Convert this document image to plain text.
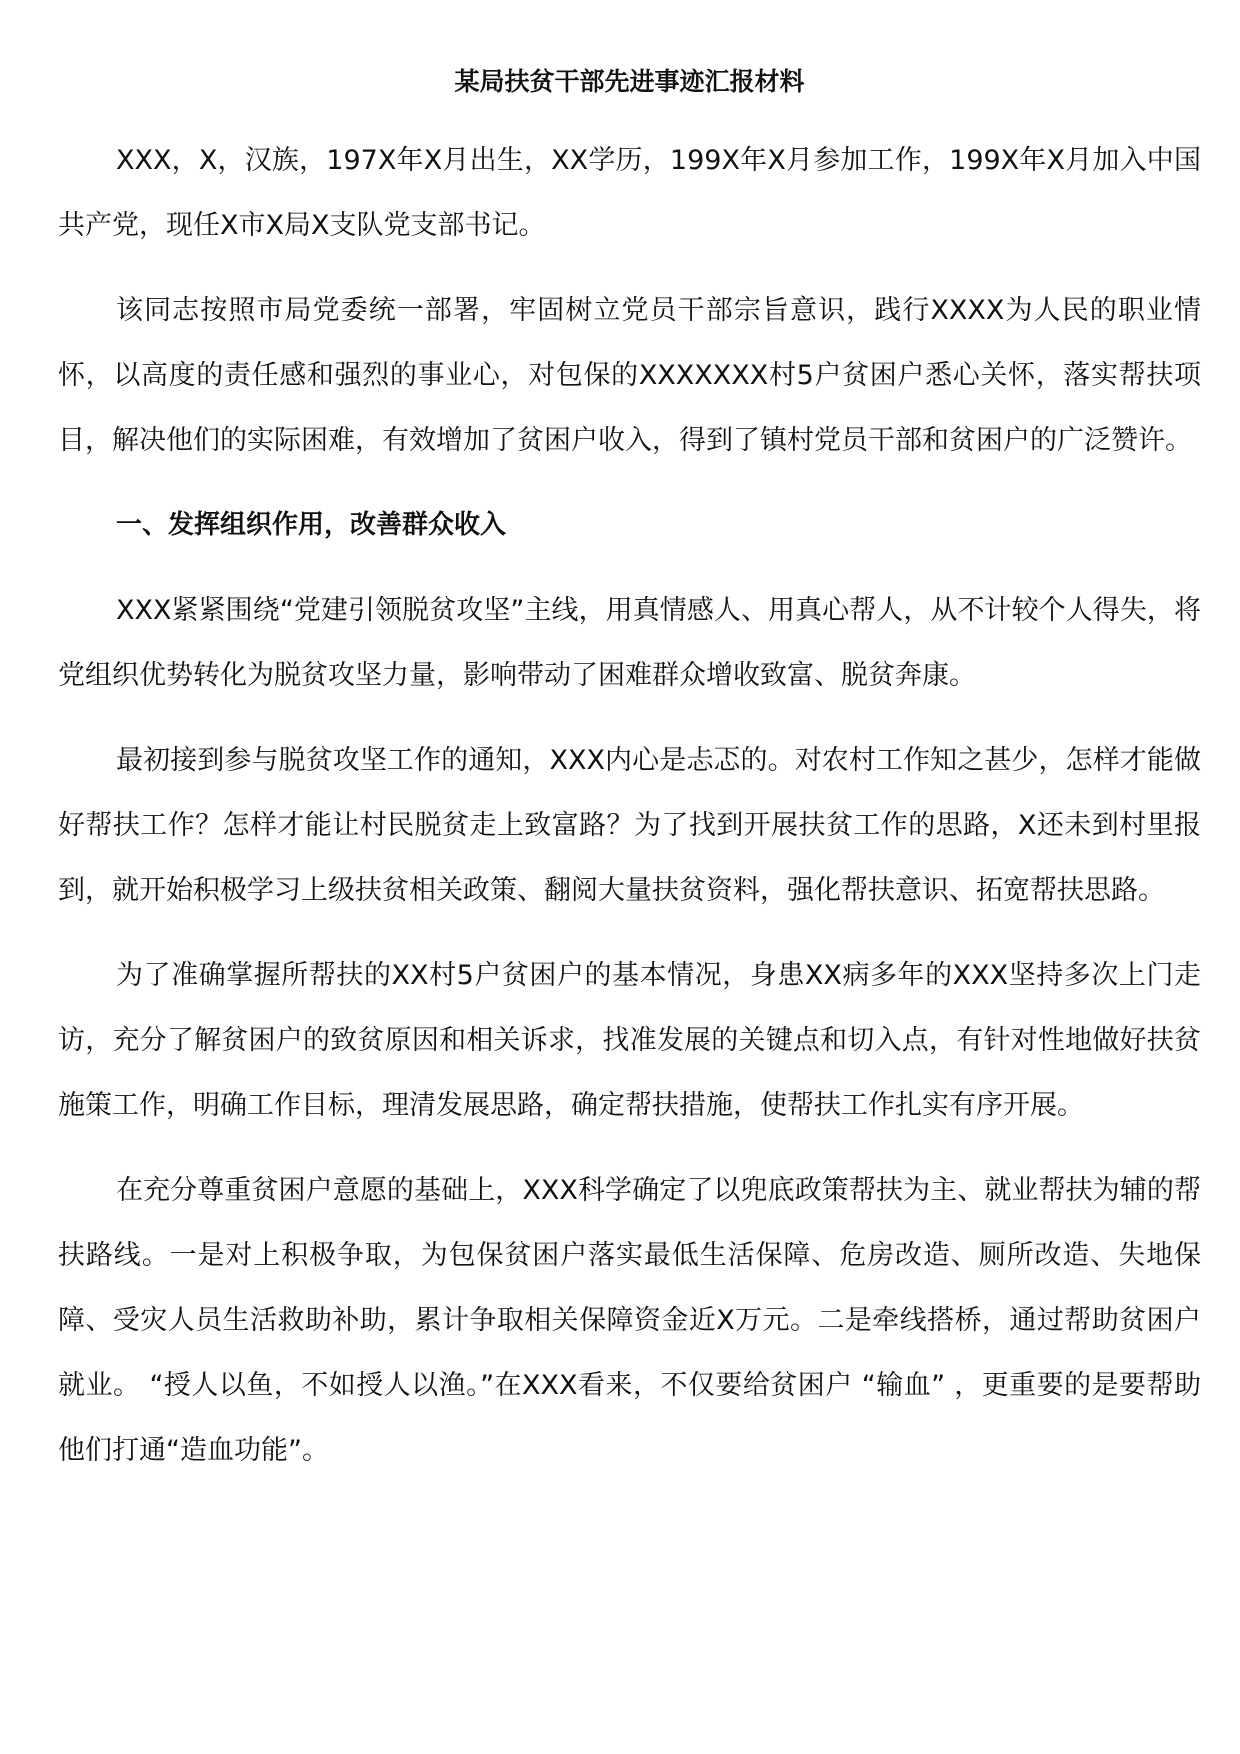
某局扶贫干部先进事迹汇报材料

XXX，X，汉族，197X年X月出生，XX学历，199X年X月参加工作，199X年X月加入中国共产党，现任X市X局X支队党支部书记。

该同志按照市局党委统一部署，牢固树立党员干部宗旨意识，践行XXXX为人民的职业情怀，以高度的责任感和强烈的事业心，对包保的XXXXXXX村5户贫困户悉心关怀，落实帮扶项目，解决他们的实际困难，有效增加了贫困户收入，得到了镇村党员干部和贫困户的广泛赞许。

一、发挥组织作用，改善群众收入

XXX紧紧围绕“党建引领脱贫攻坚”主线，用真情感人、用真心帮人，从不计较个人得失，将党组织优势转化为脱贫攻坚力量，影响带动了困难群众增收致富、脱贫奔康。

最初接到参与脱贫攻坚工作的通知，XXX内心是忐忑的。对农村工作知之甚少，怎样才能做好帮扶工作？怎样才能让村民脱贫走上致富路？为了找到开展扶贫工作的思路，X还未到村里报到，就开始积极学习上级扶贫相关政策、翻阅大量扶贫资料，强化帮扶意识、拓宽帮扶思路。

为了准确掌握所帮扶的XX村5户贫困户的基本情况，身患XX病多年的XXX坚持多次上门走访，充分了解贫困户的致贫原因和相关诉求，找准发展的关键点和切入点，有针对性地做好扶贫施策工作，明确工作目标，理清发展思路，确定帮扶措施，使帮扶工作扎实有序开展。

在充分尊重贫困户意愿的基础上，XXX科学确定了以兜底政策帮扶为主、就业帮扶为辅的帮扶路线。一是对上积极争取，为包保贫困户落实最低生活保障、危房改造、厕所改造、失地保障、受灾人员生活救助补助，累计争取相关保障资金近X万元。二是牵线搭桥，通过帮助贫困户就业。 “授人以鱼，不如授人以渔。”在XXX看来，不仅要给贫困户 “输血” ，更重要的是要帮助他们打通“造血功能”。
